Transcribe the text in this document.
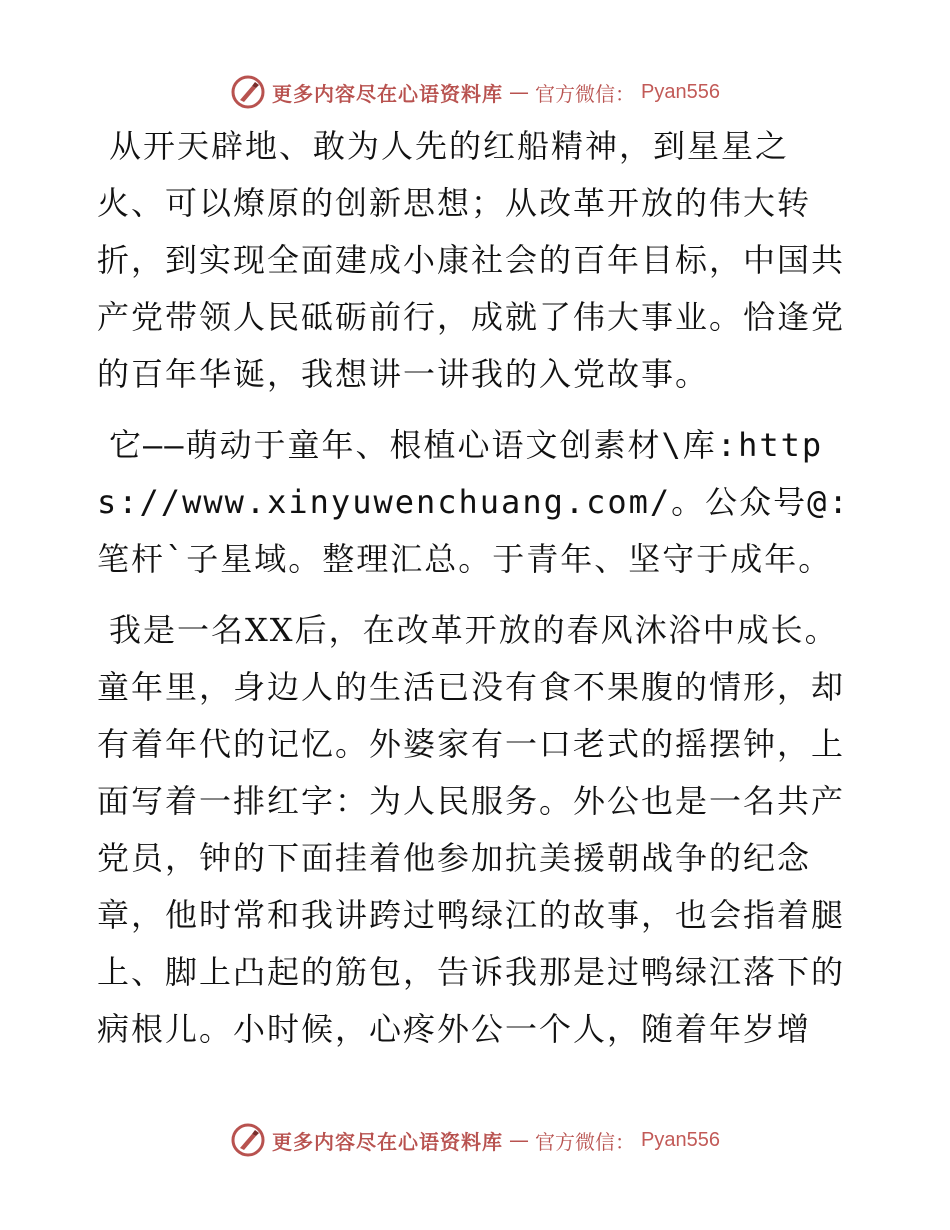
更多内容尽在心语资料库 — 官方微信： Pyan556

从开天辟地、敢为人先的红船精神，到星星之火、可以燎原的创新思想；从改革开放的伟大转折，到实现全面建成小康社会的百年目标，中国共产党带领人民砥砺前行，成就了伟大事业。恰逢党的百年华诞，我想讲一讲我的入党故事。

它——萌动于童年、根植心语文创素材\库:https://www.xinyuwenchuang.com/。公众号@:笔杆`子星域。整理汇总。于青年、坚守于成年。

我是一名XX后，在改革开放的春风沐浴中成长。童年里，身边人的生活已没有食不果腹的情形，却有着年代的记忆。外婆家有一口老式的摇摆钟，上面写着一排红字：为人民服务。外公也是一名共产党员，钟的下面挂着他参加抗美援朝战争的纪念章，他时常和我讲跨过鸭绿江的故事，也会指着腿上、脚上凸起的筋包，告诉我那是过鸭绿江落下的病根儿。小时候，心疼外公一个人，随着年岁增

更多内容尽在心语资料库 — 官方微信： Pyan556
